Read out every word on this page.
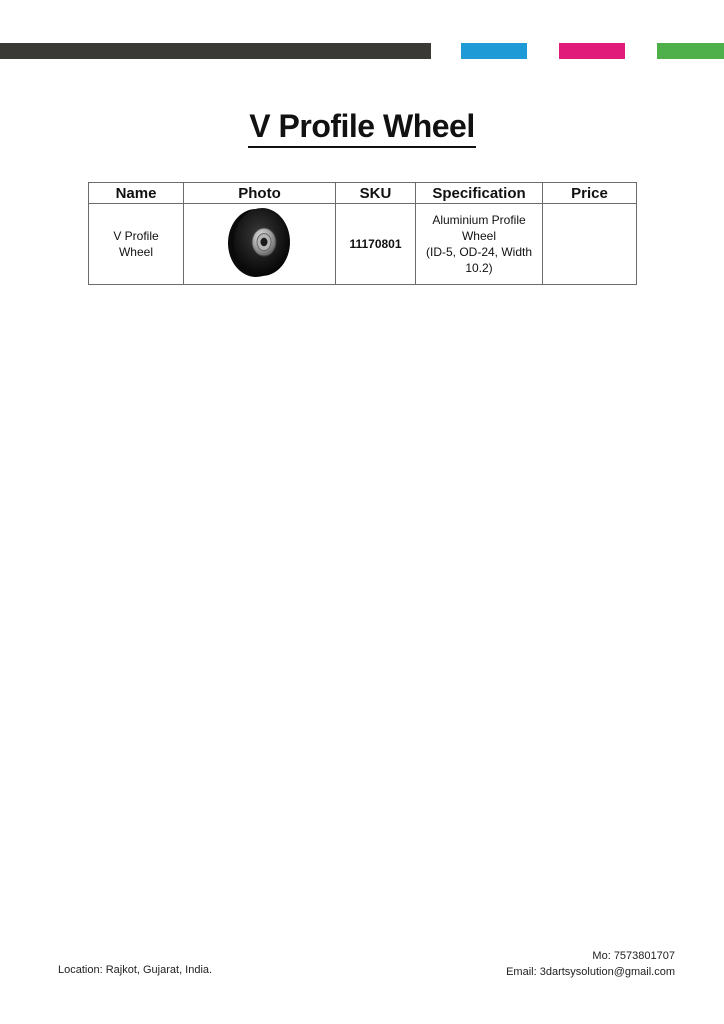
V Profile Wheel
Name	Photo	SKU	Specification	Price
V Profile Wheel		11170801	Aluminium Profile Wheel
(ID-5, OD-24, Width 10.2)	

Location: Rajkot, Gujarat, India.
Mo: 7573801707
Email: 3dartsysolution@gmail.com
